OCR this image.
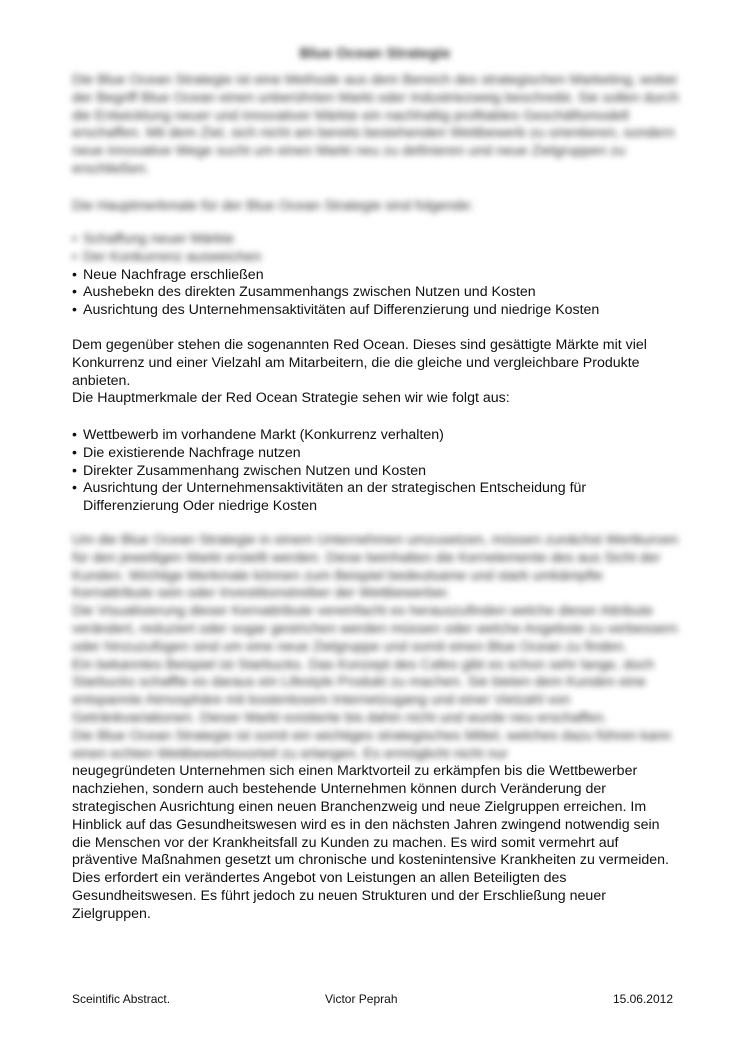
Blue Ocean Strategie

Die Blue Ocean Strategie ist eine Methode aus dem Bereich des strategischen Marketing, wobei der Begriff Blue Ocean einen unberührten Markt oder Industriezweig beschreibt. Sie sollen durch die Entwicklung neuer und innovativer Märkte ein nachhaltig profitables Geschäftsmodell erschaffen. Mit dem Ziel, sich nicht am bereits bestehenden Wettbewerb zu orientieren, sondern neue innovative Wege sucht um einen Markt neu zu definieren und neue Zielgruppen zu erschließen.

Die Hauptmerkmale für der Blue Ocean Strategie sind folgende:

• Schaffung neuer Märkte
• Der Konkurrenz ausweichen
• Neue Nachfrage erschließen
• Aushebekn des direkten Zusammenhangs zwischen Nutzen und Kosten
• Ausrichtung des Unternehmensaktivitäten auf Differenzierung und niedrige Kosten

Dem gegenüber stehen die sogenannten Red Ocean. Dieses sind gesättigte Märkte mit viel Konkurrenz und einer Vielzahl am Mitarbeitern, die die gleiche und vergleichbare Produkte anbieten.

Die Hauptmerkmale der Red Ocean Strategie sehen wir wie folgt aus:

• Wettbewerb im vorhandene Markt (Konkurrenz verhalten)
• Die existierende Nachfrage nutzen
• Direkter Zusammenhang zwischen Nutzen und Kosten
• Ausrichtung der Unternehmensaktivitäten an der strategischen Entscheidung für Differenzierung Oder niedrige Kosten

Um die Blue Ocean Strategie in einem Unternehmen umzusetzen, müssen zunächst Wertkurven für den jeweiligen Markt erstellt werden. Diese beinhalten die Kernelemente des aus Sicht der Kunden. Wichtige Merkmale können zum Beispiel bedeutsame und stark umkämpfte Kernattribute sein oder Investitionstreiber der Wettbewerber.

Die Visualisierung dieser Kernattribute vereinfacht es herauszufinden welche dieser Attribute verändert, reduziert oder sogar gestrichen werden müssen oder welche Angebote zu verbessern oder hinzuzufügen sind um eine neue Zielgruppe und somit einen Blue Ocean zu finden.

Ein bekanntes Beispiel ist Starbucks. Das Konzept des Cafes gibt es schon sehr lange, doch Starbucks schaffte es daraus ein Lifestyle Produkt zu machen. Sie bieten dem Kunden eine entspannte Atmosphäre mit kostenlosem Internetzugang und einer Vielzahl von Getränkvariationen. Dieser Markt existierte bis dahin nicht und wurde neu erschaffen.

Die Blue Ocean Strategie ist somit ein wichtiges strategisches Mittel, welches dazu führen kann einen echten Wettbewerbsvorteil zu erlangen. Es ermöglicht nicht nur

neugegründeten Unternehmen sich einen Marktvorteil zu erkämpfen bis die Wettbewerber nachziehen, sondern auch bestehende Unternehmen können durch Veränderung der strategischen Ausrichtung einen neuen Branchenzweig und neue Zielgruppen erreichen. Im Hinblick auf das Gesundheitswesen wird es in den nächsten Jahren zwingend notwendig sein die Menschen vor der Krankheitsfall zu Kunden zu machen. Es wird somit vermehrt auf präventive Maßnahmen gesetzt um chronische und kostenintensive Krankheiten zu vermeiden. Dies erfordert ein verändertes Angebot von Leistungen an allen Beteiligten des Gesundheitswesen. Es führt jedoch zu neuen Strukturen und der Erschließung neuer Zielgruppen.

Sceintific Abstract.	Victor Peprah	15.06.2012
